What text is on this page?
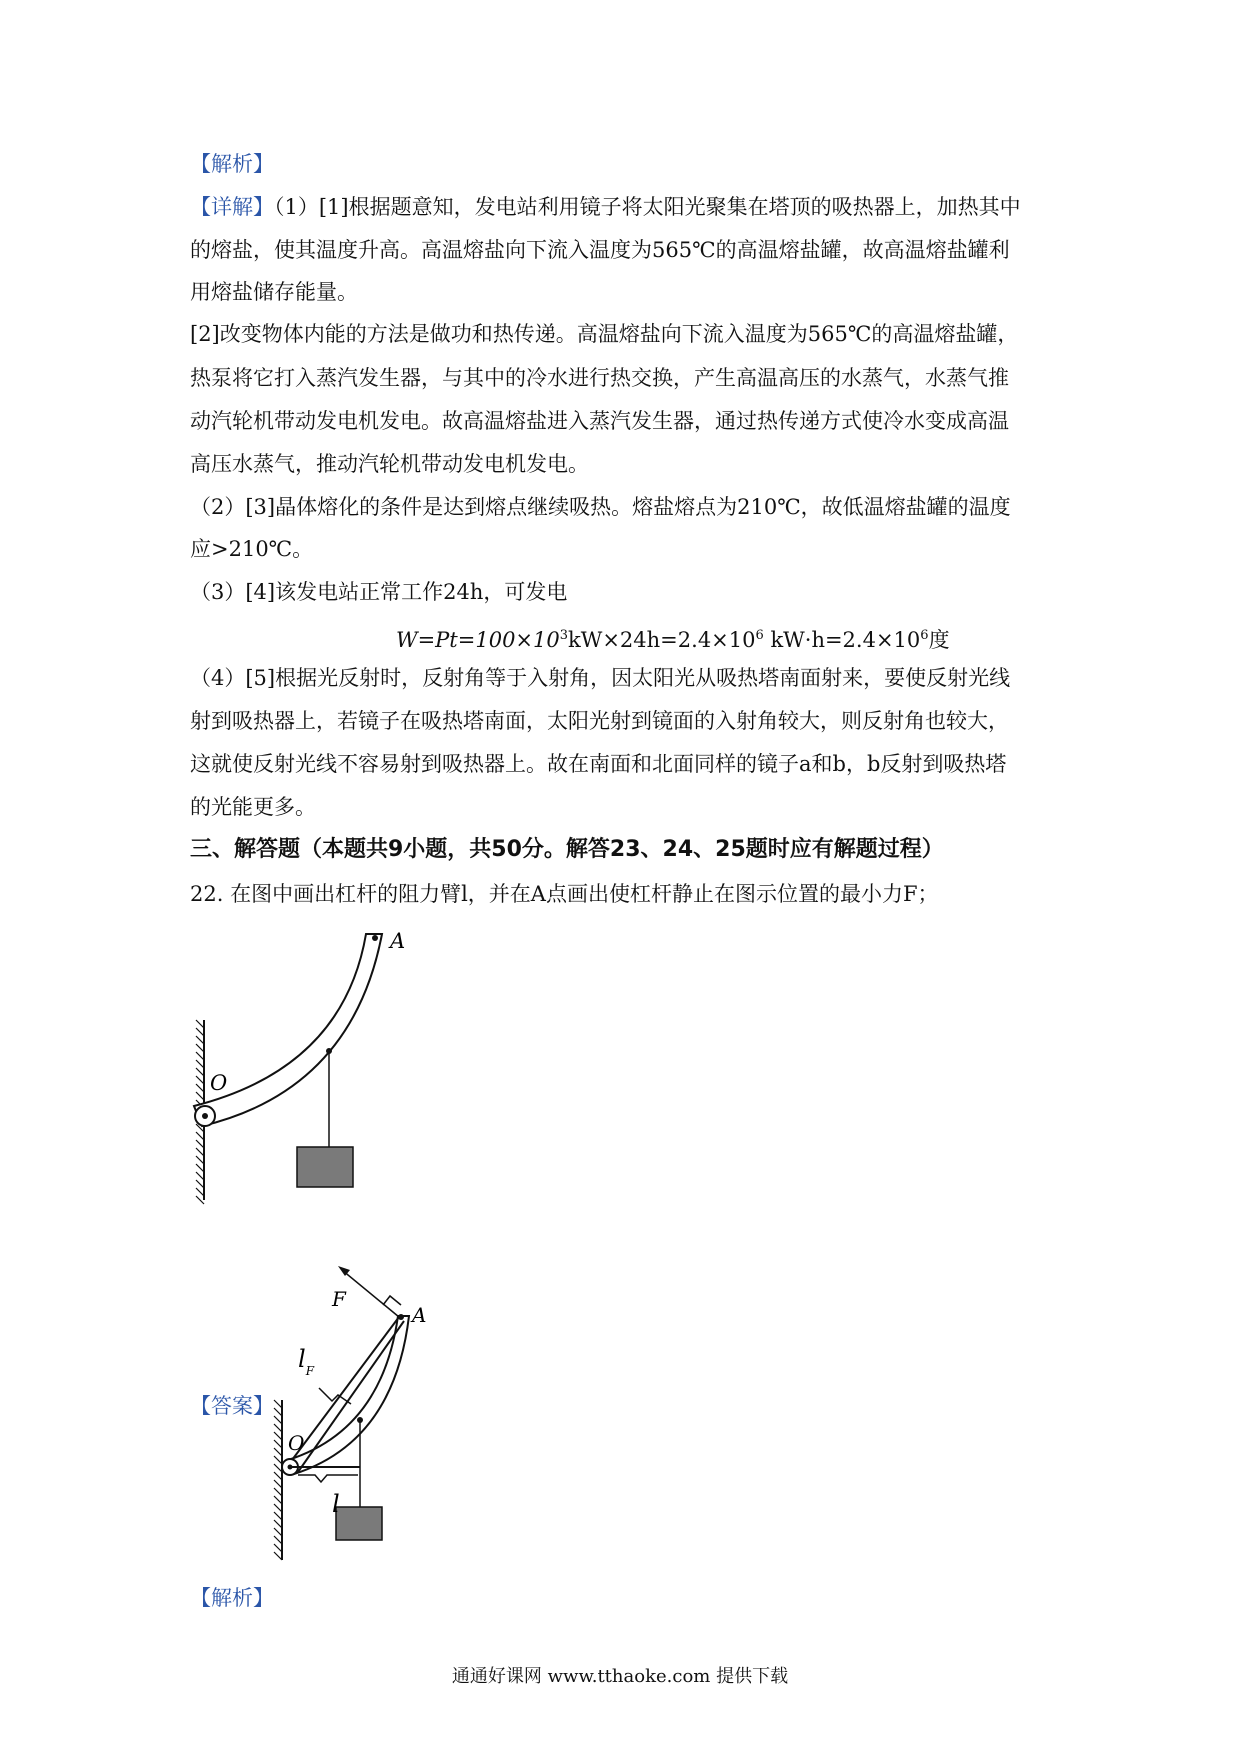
【解析】
【详解】（1）[1]根据题意知，发电站利用镜子将太阳光聚集在塔顶的吸热器上，加热其中
的熔盐，使其温度升高。高温熔盐向下流入温度为565℃的高温熔盐罐，故高温熔盐罐利
用熔盐储存能量。
[2]改变物体内能的方法是做功和热传递。高温熔盐向下流入温度为565℃的高温熔盐罐，
热泵将它打入蒸汽发生器，与其中的冷水进行热交换，产生高温高压的水蒸气，水蒸气推
动汽轮机带动发电机发电。故高温熔盐进入蒸汽发生器，通过热传递方式使冷水变成高温
高压水蒸气，推动汽轮机带动发电机发电。
（2）[3]晶体熔化的条件是达到熔点继续吸热。熔盐熔点为210℃，故低温熔盐罐的温度
应>210℃。
（3）[4]该发电站正常工作24h，可发电
$W=Pt=100\times 10^3kW\times 24h=2.4\times 10^6$ $kW\cdot h=2.4\times 10^6$度
（4）[5]根据光反射时，反射角等于入射角，因太阳光从吸热塔南面射来，要使反射光线
射到吸热器上，若镜子在吸热塔南面，太阳光射到镜面的入射角较大，则反射角也较大，
这就使反射光线不容易射到吸热器上。故在南面和北面同样的镜子a和b，b反射到吸热塔
的光能更多。
三、解答题（本题共9小题，共50分。解答23、24、25题时应有解题过程）
22. 在图中画出杠杆的阻力臂l，并在A点画出使杠杆静止在图示位置的最小力F；
A
O
【答案】
F
A
$l_F$
O
l
【解析】
通通好课网 www.tthaoke.com 提供下载
